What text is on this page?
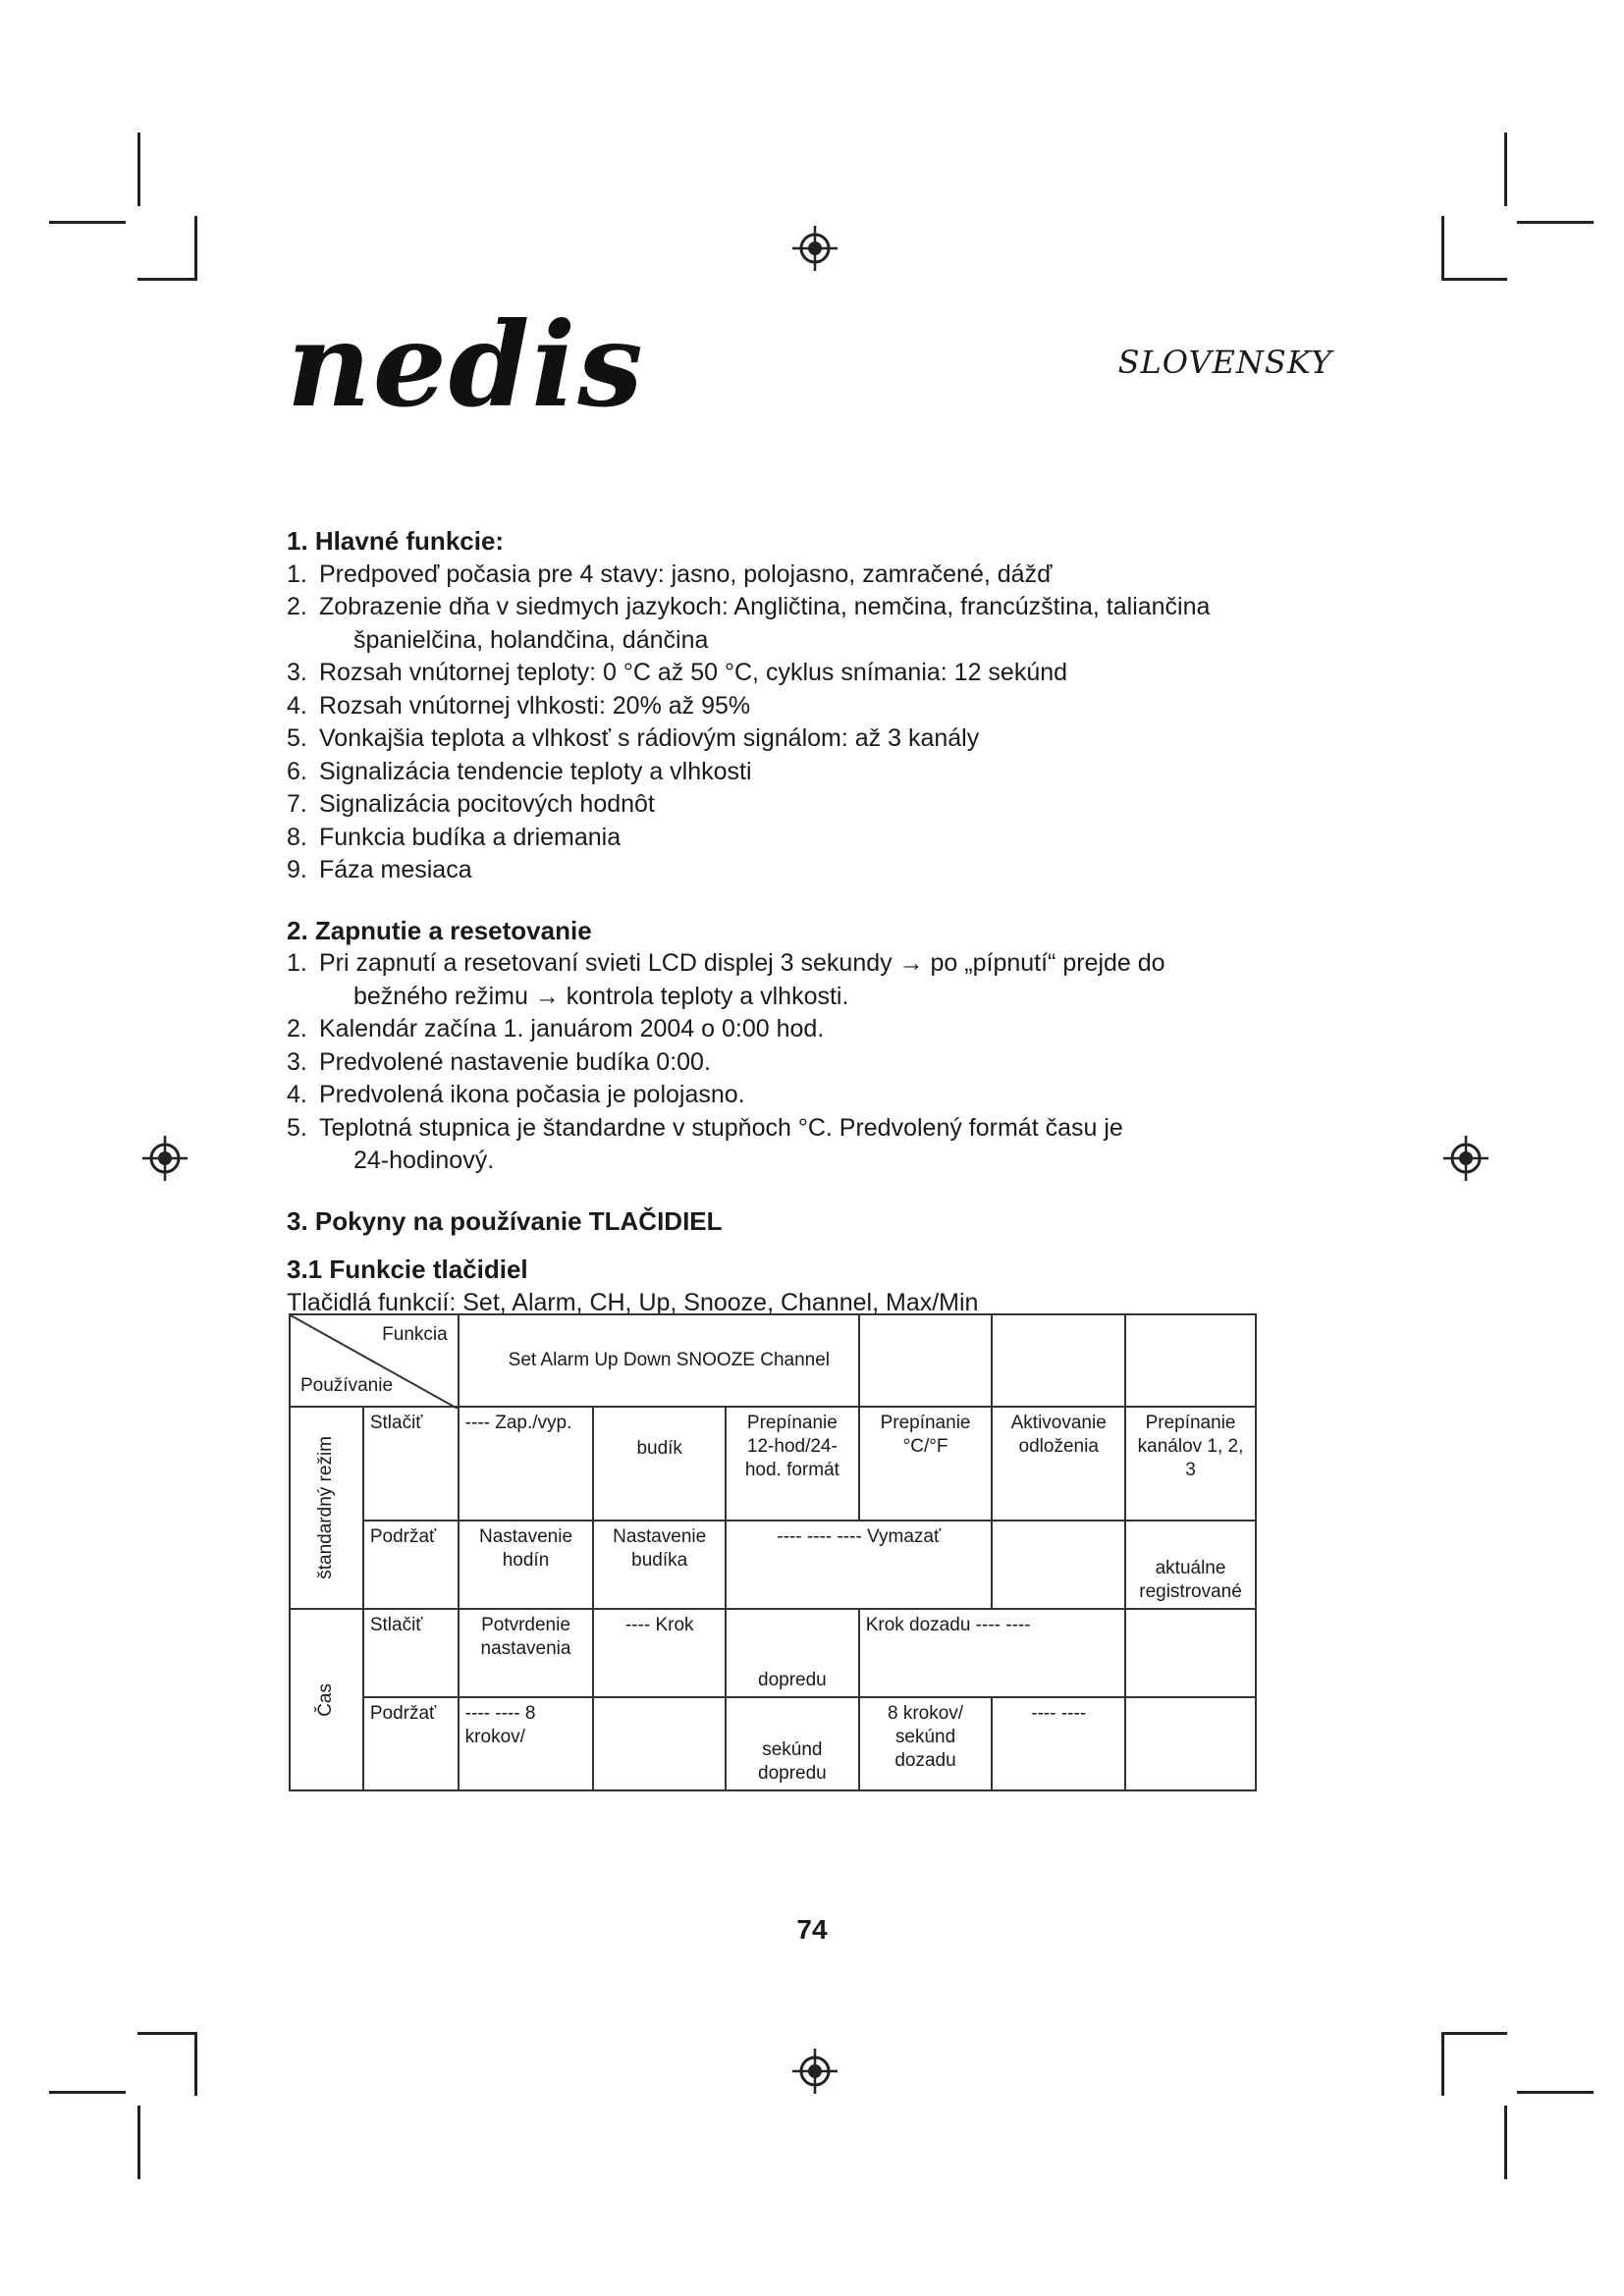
nedis	SLOVENSKY

1. Hlavné funkcie:

1. Predpoveď počasia pre 4 stavy: jasno, polojasno, zamračené, dážď
2. Zobrazenie dňa v siedmych jazykoch: Angličtina, nemčina, francúzština, taliančina
španielčina, holandčina, dánčina
3. Rozsah vnútornej teploty: 0 °C až 50 °C, cyklus snímania: 12 sekúnd
4. Rozsah vnútornej vlhkosti: 20% až 95%
5. Vonkajšia teplota a vlhkosť s rádiovým signálom: až 3 kanály
6. Signalizácia tendencie teploty a vlhkosti
7. Signalizácia pocitových hodnôt
8. Funkcia budíka a driemania
9. Fáza mesiaca

2. Zapnutie a resetovanie

1. Pri zapnutí a resetovaní svieti LCD displej 3 sekundy → po „pípnutí“ prejde do
bežného režimu → kontrola teploty a vlhkosti.
2. Kalendár začína 1. januárom 2004 o 0:00 hod.
3. Predvolené nastavenie budíka 0:00.
4. Predvolená ikona počasia je polojasno.
5. Teplotná stupnica je štandardne v stupňoch °C. Predvolený formát času je
24-hodinový.

3. Pokyny na používanie TLAČIDIEL

3.1 Funkcie tlačidiel
Tlačidlá funkcií: Set, Alarm, CH, Up, Snooze, Channel, Max/Min
Funkcia
Používanie		Set Alarm Up Down SNOOZE Channel					

štandardný režim	Stlačiť	---- Zap./vyp.	budík	Prepínanie 12-hod/24-hod. formát	Prepínanie °C/°F	Aktivovanie odloženia	Prepínanie kanálov 1, 2, 3
	Podržať	Nastavenie hodín	Nastavenie budíka	---- ---- ---- Vymazať			aktuálne registrované

Čas	Stlačiť	Potvrdenie nastavenia	---- Krok	dopredu	Krok dozadu ---- ----		
	Podržať	---- ---- 8 krokov/		sekúnd dopredu	8 krokov/ sekúnd dozadu	---- ----	
74
